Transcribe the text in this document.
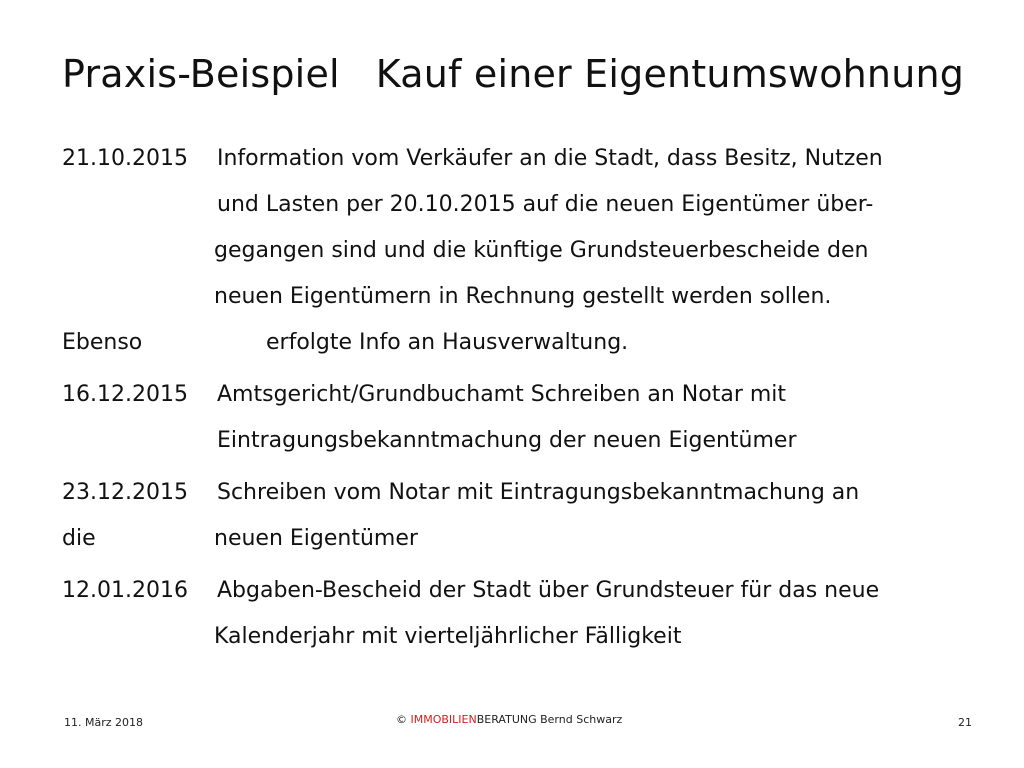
Praxis-Beispiel Kauf einer Eigentumswohnung
21.10.2015 Information vom Verkäufer an die Stadt, dass Besitz, Nutzen
und Lasten per 20.10.2015 auf die neuen Eigentümer über-
gegangen sind und die künftige Grundsteuerbescheide den
neuen Eigentümern in Rechnung gestellt werden sollen.
Ebenso	erfolgte Info an Hausverwaltung.
16.12.2015 Amtsgericht/Grundbuchamt Schreiben an Notar mit
Eintragungsbekanntmachung der neuen Eigentümer
23.12.2015 Schreiben vom Notar mit Eintragungsbekanntmachung an
die	neuen Eigentümer
12.01.2016 Abgaben-Bescheid der Stadt über Grundsteuer für das neue
Kalenderjahr mit vierteljährlicher Fälligkeit
11. März 2018	© IMMOBILIENBERATUNG Bernd Schwarz	21
